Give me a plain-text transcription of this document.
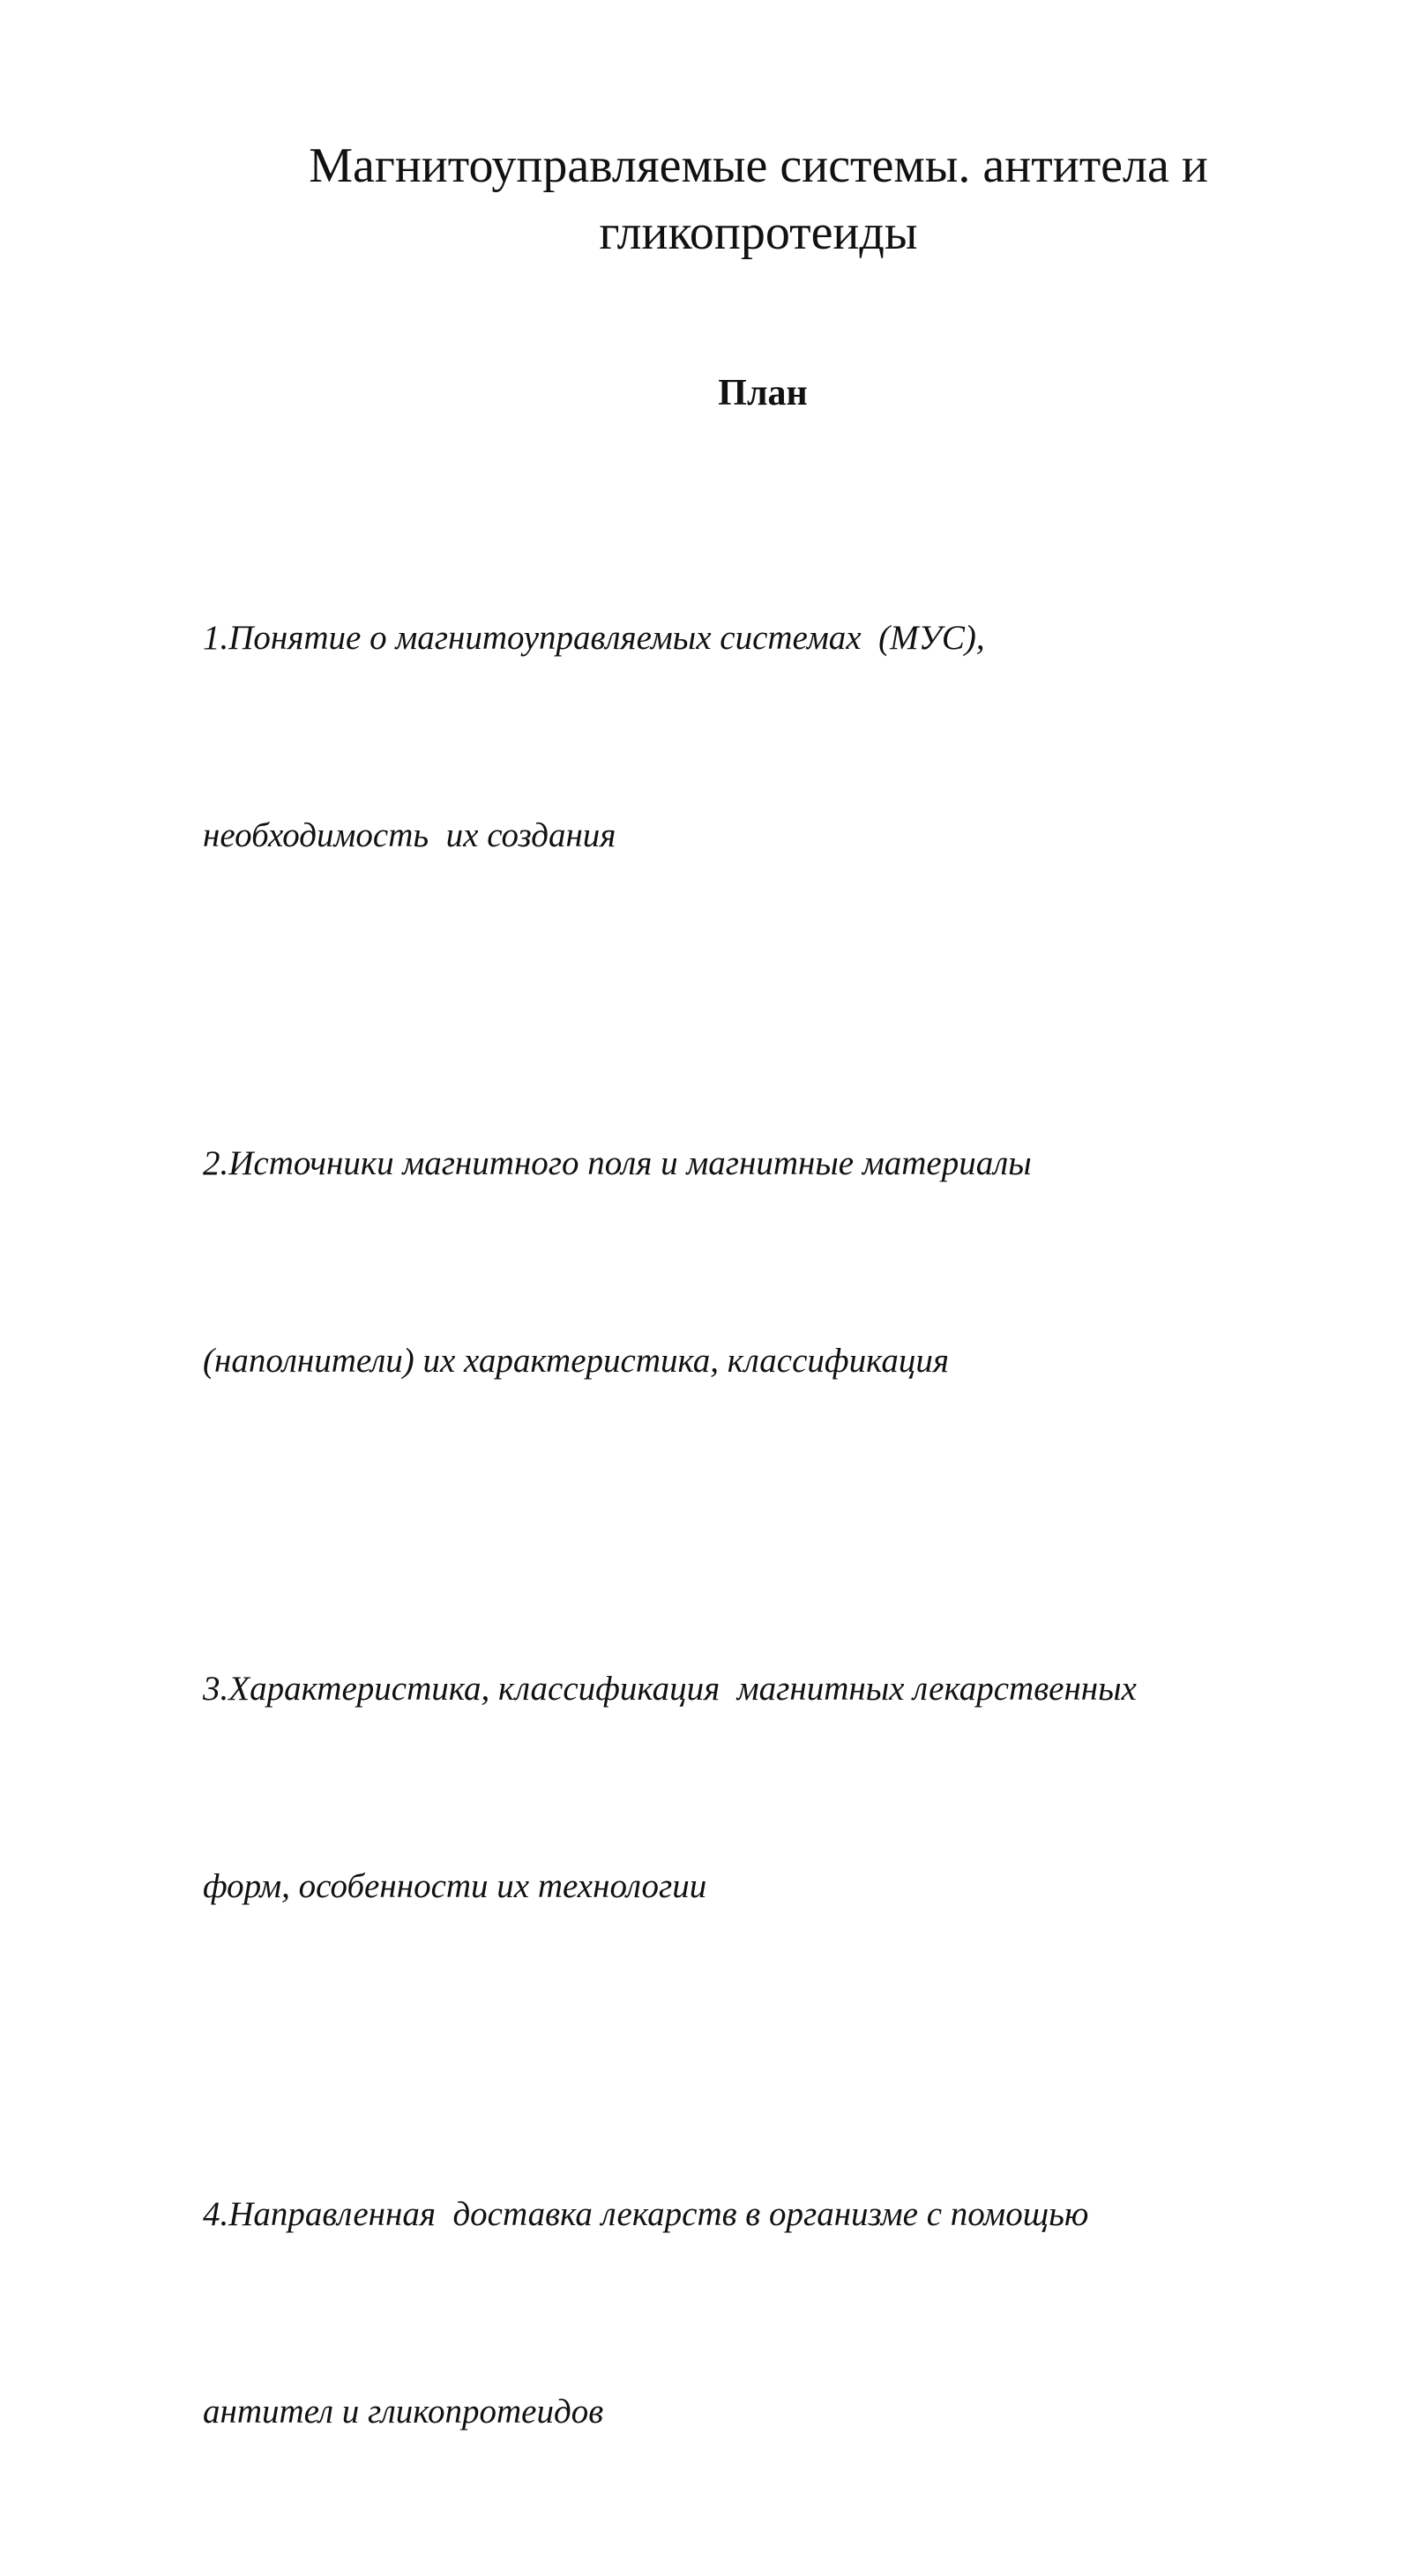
Магнитоуправляемые системы. антитела и
гликопротеиды
План

1.Понятие о магнитоуправляемых системах  (МУС),

необходимость  их создания

2.Источники магнитного поля и магнитные материалы

(наполнители) их характеристика, классификация

3.Характеристика, классификация  магнитных лекарственных

форм, особенности их технологии

4.Направленная  доставка лекарств в организме с помощью

антител и гликопротеидов
